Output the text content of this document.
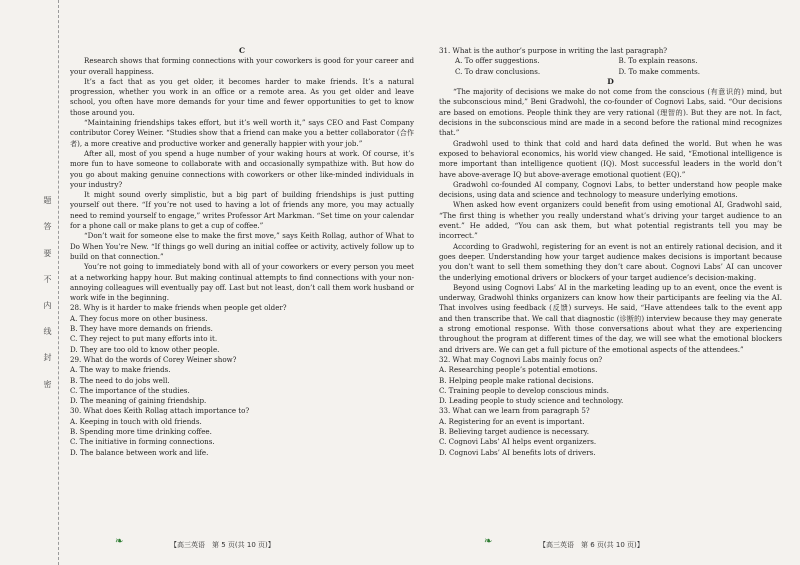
题
答
要
不
内
线
封
密

C

Research shows that forming connections with your coworkers is good for your career and your overall happiness.

It’s a fact that as you get older, it becomes harder to make friends. It’s a natural progression, whether you work in an office or a remote area. As you get older and leave school, you often have more demands for your time and fewer opportunities to get to know those around you.

“Maintaining friendships takes effort, but it’s well worth it,” says CEO and Fast Company contributor Corey Weiner. “Studies show that a friend can make you a better collaborator (合作者), a more creative and productive worker and generally happier with your job.”

After all, most of you spend a huge number of your waking hours at work. Of course, it’s more fun to have someone to collaborate with and occasionally sympathize with. But how do you go about making genuine connections with coworkers or other like-minded individuals in your industry?

It might sound overly simplistic, but a big part of building friendships is just putting yourself out there. “If you’re not used to having a lot of friends any more, you may actually need to remind yourself to engage,” writes Professor Art Markman. “Set time on your calendar for a phone call or make plans to get a cup of coffee.”

“Don’t wait for someone else to make the first move,” says Keith Rollag, author of What to Do When You’re New. “If things go well during an initial coffee or activity, actively follow up to build on that connection.”

You’re not going to immediately bond with all of your coworkers or every person you meet at a networking happy hour. But making continual attempts to find connections with your non-annoying colleagues will eventually pay off. Last but not least, don’t call them work husband or work wife in the beginning.

28. Why is it harder to make friends when people get older?

A. They focus more on other business.

B. They have more demands on friends.

C. They reject to put many efforts into it.

D. They are too old to know other people.

29. What do the words of Corey Weiner show?

A. The way to make friends.

B. The need to do jobs well.

C. The importance of the studies.

D. The meaning of gaining friendship.

30. What does Keith Rollag attach importance to?

A. Keeping in touch with old friends.

B. Spending more time drinking coffee.

C. The initiative in forming connections.

D. The balance between work and life.

31. What is the author’s purpose in writing the last paragraph?

A. To offer suggestions.	B. To explain reasons.
C. To draw conclusions.	D. To make comments.

D

“The majority of decisions we make do not come from the conscious (有意识的) mind, but the subconscious mind,” Beni Gradwohl, the co-founder of Cognovi Labs, said. “Our decisions are based on emotions. People think they are very rational (理智的). But they are not. In fact, decisions in the subconscious mind are made in a second before the rational mind recognizes that.”

Gradwohl used to think that cold and hard data defined the world. But when he was exposed to behavioral economics, his world view changed. He said, “Emotional intelligence is more important than intelligence quotient (IQ). Most successful leaders in the world don’t have above-average IQ but above-average emotional quotient (EQ).”

Gradwohl co-founded AI company, Cognovi Labs, to better understand how people make decisions, using data and science and technology to measure underlying emotions.

When asked how event organizers could benefit from using emotional AI, Gradwohl said, “The first thing is whether you really understand what’s driving your target audience to an event.” He added, “You can ask them, but what potential registrants tell you may be incorrect.”

According to Gradwohl, registering for an event is not an entirely rational decision, and it goes deeper. Understanding how your target audience makes decisions is important because you don’t want to sell them something they don’t care about. Cognovi Labs’ AI can uncover the underlying emotional drivers or blockers of your target audience’s decision-making.

Beyond using Cognovi Labs’ AI in the marketing leading up to an event, once the event is underway, Gradwohl thinks organizers can know how their participants are feeling via the AI. That involves using feedback (反馈) surveys. He said, “Have attendees talk to the event app and then transcribe that. We call that diagnostic (诊断的) interview because they may generate a strong emotional response. With those conversations about what they are experiencing throughout the program at different times of the day, we will see what the emotional blockers and drivers are. We can get a full picture of the emotional aspects of the attendees.”

32. What may Cognovi Labs mainly focus on?

A. Researching people’s potential emotions.

B. Helping people make rational decisions.

C. Training people to develop conscious minds.

D. Leading people to study science and technology.

33. What can we learn from paragraph 5?

A. Registering for an event is important.

B. Believing target audience is necessary.

C. Cognovi Labs’ AI helps event organizers.

D. Cognovi Labs’ AI benefits lots of drivers.

❧	❧
【高三英语　第 5 页(共 10 页)】	【高三英语　第 6 页(共 10 页)】
